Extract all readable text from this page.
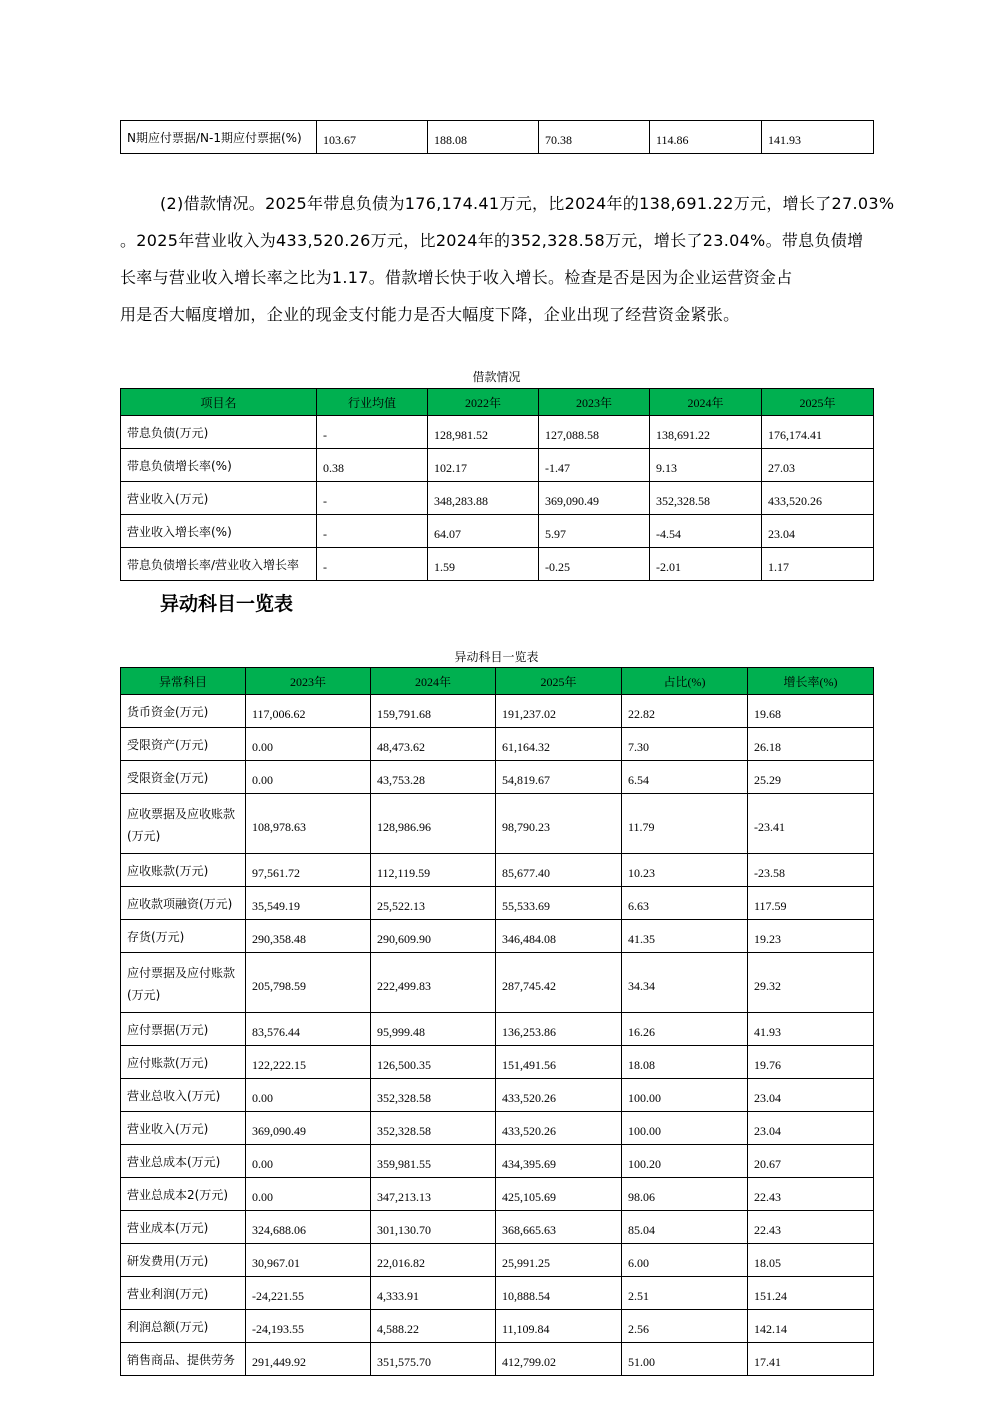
N期应付票据/N-1期应付票据(%)	103.67	188.08	70.38	114.86	141.93
(2)借款情况。2025年带息负债为176,174.41万元，比2024年的138,691.22万元，增长了27.03%
。2025年营业收入为433,520.26万元，比2024年的352,328.58万元，增长了23.04%。带息负债增
长率与营业收入增长率之比为1.17。借款增长快于收入增长。检查是否是因为企业运营资金占
用是否大幅度增加，企业的现金支付能力是否大幅度下降，企业出现了经营资金紧张。
借款情况
项目名	行业均值	2022年	2023年	2024年	2025年
带息负债(万元)	-	128,981.52	127,088.58	138,691.22	176,174.41
带息负债增长率(%)	0.38	102.17	-1.47	9.13	27.03
营业收入(万元)	-	348,283.88	369,090.49	352,328.58	433,520.26
营业收入增长率(%)	-	64.07	5.97	-4.54	23.04
带息负债增长率/营业收入增长率	-	1.59	-0.25	-2.01	1.17
异动科目一览表
异动科目一览表
异常科目	2023年	2024年	2025年	占比(%)	增长率(%)
货币资金(万元)	117,006.62	159,791.68	191,237.02	22.82	19.68
受限资产(万元)	0.00	48,473.62	61,164.32	7.30	26.18
受限资金(万元)	0.00	43,753.28	54,819.67	6.54	25.29
应收票据及应收账款(万元)	108,978.63	128,986.96	98,790.23	11.79	-23.41
应收账款(万元)	97,561.72	112,119.59	85,677.40	10.23	-23.58
应收款项融资(万元)	35,549.19	25,522.13	55,533.69	6.63	117.59
存货(万元)	290,358.48	290,609.90	346,484.08	41.35	19.23
应付票据及应付账款(万元)	205,798.59	222,499.83	287,745.42	34.34	29.32
应付票据(万元)	83,576.44	95,999.48	136,253.86	16.26	41.93
应付账款(万元)	122,222.15	126,500.35	151,491.56	18.08	19.76
营业总收入(万元)	0.00	352,328.58	433,520.26	100.00	23.04
营业收入(万元)	369,090.49	352,328.58	433,520.26	100.00	23.04
营业总成本(万元)	0.00	359,981.55	434,395.69	100.20	20.67
营业总成本2(万元)	0.00	347,213.13	425,105.69	98.06	22.43
营业成本(万元)	324,688.06	301,130.70	368,665.63	85.04	22.43
研发费用(万元)	30,967.01	22,016.82	25,991.25	6.00	18.05
营业利润(万元)	-24,221.55	4,333.91	10,888.54	2.51	151.24
利润总额(万元)	-24,193.55	4,588.22	11,109.84	2.56	142.14
销售商品、提供劳务	291,449.92	351,575.70	412,799.02	51.00	17.41
